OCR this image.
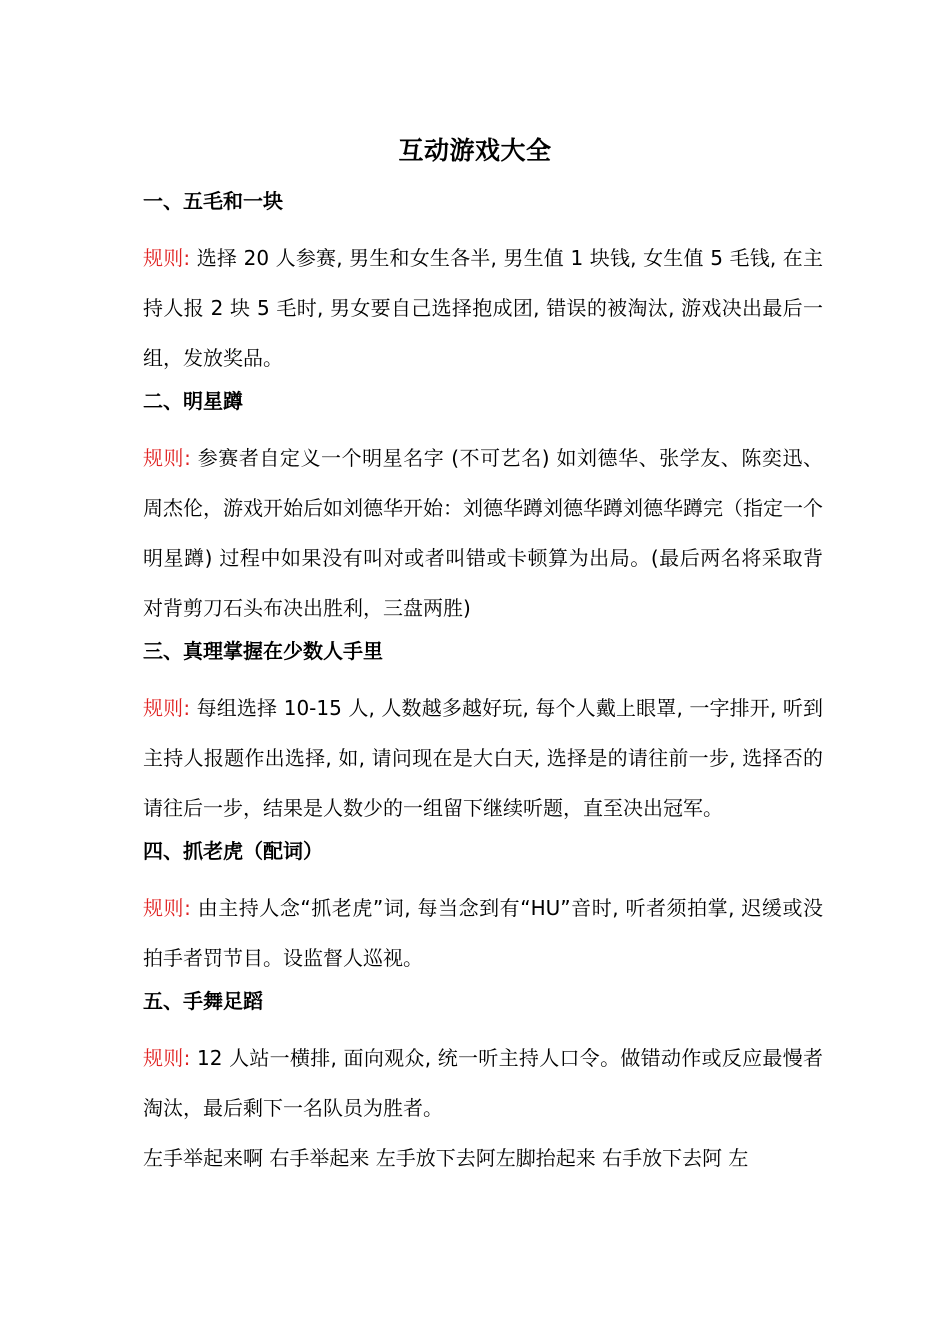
互动游戏大全
一、五毛和一块

规则: 选择 20 人参赛, 男生和女生各半, 男生值 1 块钱, 女生值 5 毛钱, 在主持人报 2 块 5 毛时, 男女要自己选择抱成团, 错误的被淘汰, 游戏决出最后一组，发放奖品。

二、明星蹲

规则: 参赛者自定义一个明星名字 (不可艺名) 如刘德华、张学友、陈奕迅、周杰伦，游戏开始后如刘德华开始：刘德华蹲刘德华蹲刘德华蹲完（指定一个明星蹲) 过程中如果没有叫对或者叫错或卡顿算为出局。(最后两名将采取背对背剪刀石头布决出胜利，三盘两胜)

三、真理掌握在少数人手里

规则: 每组选择 10-15 人, 人数越多越好玩, 每个人戴上眼罩, 一字排开, 听到主持人报题作出选择, 如, 请问现在是大白天, 选择是的请往前一步, 选择否的请往后一步，结果是人数少的一组留下继续听题，直至决出冠军。

四、抓老虎（配词）

规则: 由主持人念“抓老虎”词, 每当念到有“HU”音时, 听者须拍掌, 迟缓或没拍手者罚节目。设监督人巡视。

五、手舞足蹈

规则: 12 人站一横排, 面向观众, 统一听主持人口令。做错动作或反应最慢者淘汰，最后剩下一名队员为胜者。

左手举起来啊 右手举起来 左手放下去阿左脚抬起来 右手放下去阿 左
